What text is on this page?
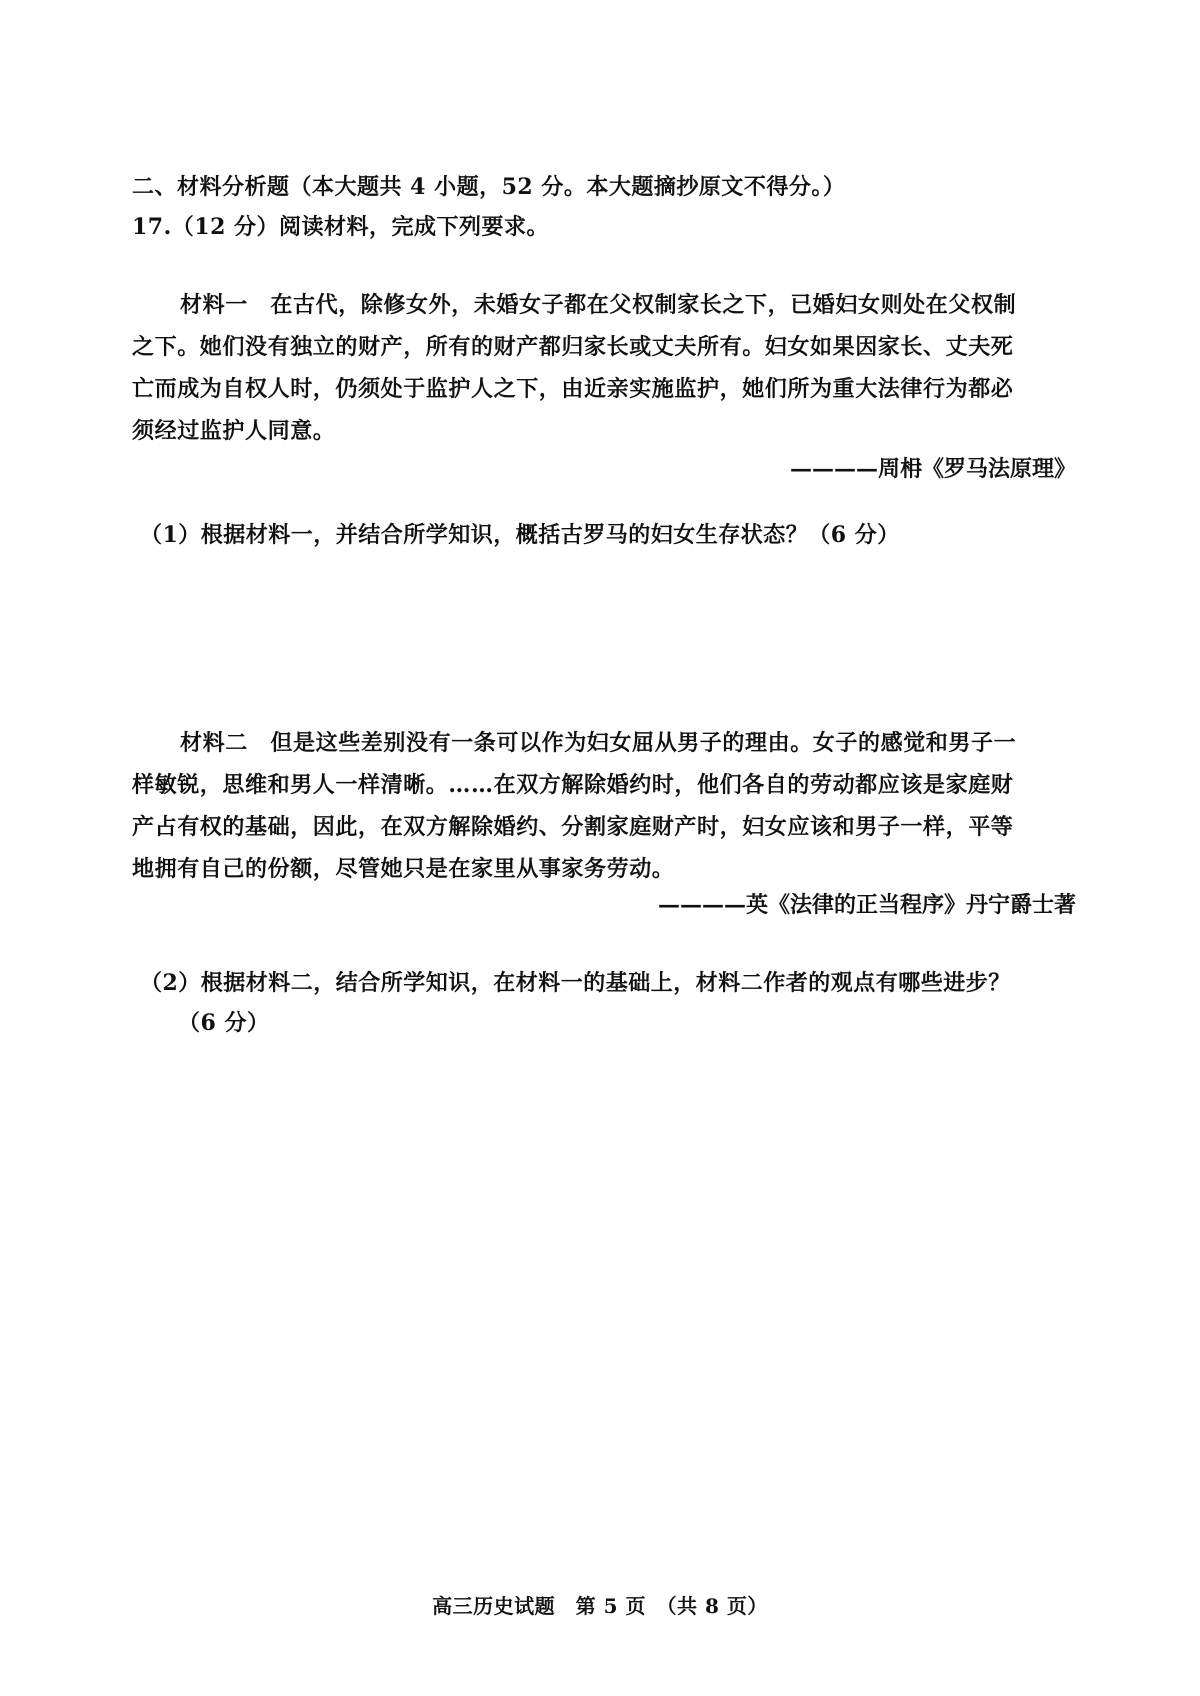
二、材料分析题（本大题共 4 小题，52 分。本大题摘抄原文不得分。）
17.（12 分）阅读材料，完成下列要求。
材料一　在古代，除修女外，未婚女子都在父权制家长之下，已婚妇女则处在父权制
之下。她们没有独立的财产，所有的财产都归家长或丈夫所有。妇女如果因家长、丈夫死
亡而成为自权人时，仍须处于监护人之下，由近亲实施监护，她们所为重大法律行为都必
须经过监护人同意。
————周枏《罗马法原理》
（1）根据材料一，并结合所学知识，概括古罗马的妇女生存状态？（6 分）
材料二　但是这些差别没有一条可以作为妇女屈从男子的理由。女子的感觉和男子一
样敏锐，思维和男人一样清晰。……在双方解除婚约时，他们各自的劳动都应该是家庭财
产占有权的基础，因此，在双方解除婚约、分割家庭财产时，妇女应该和男子一样，平等
地拥有自己的份额，尽管她只是在家里从事家务劳动。
————英《法律的正当程序》丹宁爵士著
（2）根据材料二，结合所学知识，在材料一的基础上，材料二作者的观点有哪些进步？
（6 分）
高三历史试题　第 5 页　（共 8 页）
